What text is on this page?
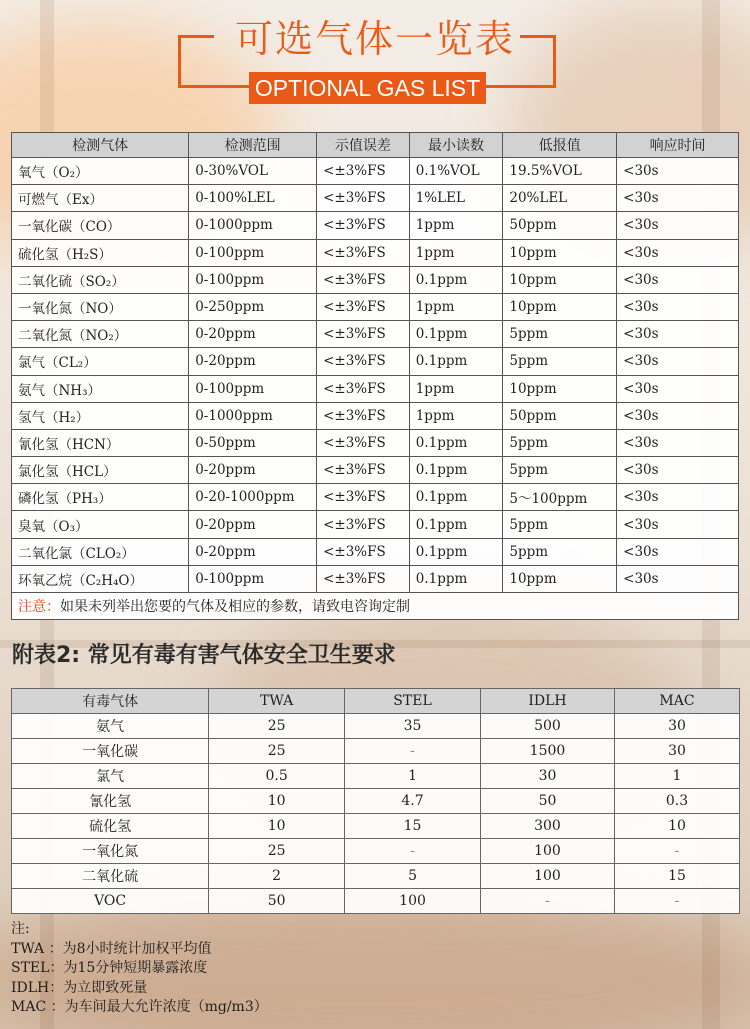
可选气体一览表
OPTIONAL GAS LIST
检测气体	检测范围	示值误差	最小读数	低报值	响应时间
氧气（O₂）	0-30%VOL	<±3%FS	0.1%VOL	19.5%VOL	<30s
可燃气（Ex）	0-100%LEL	<±3%FS	1%LEL	20%LEL	<30s
一氧化碳（CO）	0-1000ppm	<±3%FS	1ppm	50ppm	<30s
硫化氢（H₂S）	0-100ppm	<±3%FS	1ppm	10ppm	<30s
二氧化硫（SO₂）	0-100ppm	<±3%FS	0.1ppm	10ppm	<30s
一氧化氮（NO）	0-250ppm	<±3%FS	1ppm	10ppm	<30s
二氧化氮（NO₂）	0-20ppm	<±3%FS	0.1ppm	5ppm	<30s
氯气（CL₂）	0-20ppm	<±3%FS	0.1ppm	5ppm	<30s
氨气（NH₃）	0-100ppm	<±3%FS	1ppm	10ppm	<30s
氢气（H₂）	0-1000ppm	<±3%FS	1ppm	50ppm	<30s
氰化氢（HCN）	0-50ppm	<±3%FS	0.1ppm	5ppm	<30s
氯化氢（HCL）	0-20ppm	<±3%FS	0.1ppm	5ppm	<30s
磷化氢（PH₃）	0-20-1000ppm	<±3%FS	0.1ppm	5～100ppm	<30s
臭氧（O₃）	0-20ppm	<±3%FS	0.1ppm	5ppm	<30s
二氧化氯（CLO₂）	0-20ppm	<±3%FS	0.1ppm	5ppm	<30s
环氧乙烷（C₂H₄O）	0-100ppm	<±3%FS	0.1ppm	10ppm	<30s
注意：如果未列举出您要的气体及相应的参数，请致电咨询定制					
附表2: 常见有毒有害气体安全卫生要求
有毒气体	TWA	STEL	IDLH	MAC
氨气	25	35	500	30
一氧化碳	25	-	1500	30
氯气	0.5	1	30	1
氰化氢	10	4.7	50	0.3
硫化氢	10	15	300	10
一氧化氮	25	-	100	-
二氧化硫	2	5	100	15
VOC	50	100	-	-
注:
TWA ：为8小时统计加权平均值
STEL：为15分钟短期暴露浓度
IDLH：为立即致死量
MAC ：为车间最大允许浓度（mg/m3）
